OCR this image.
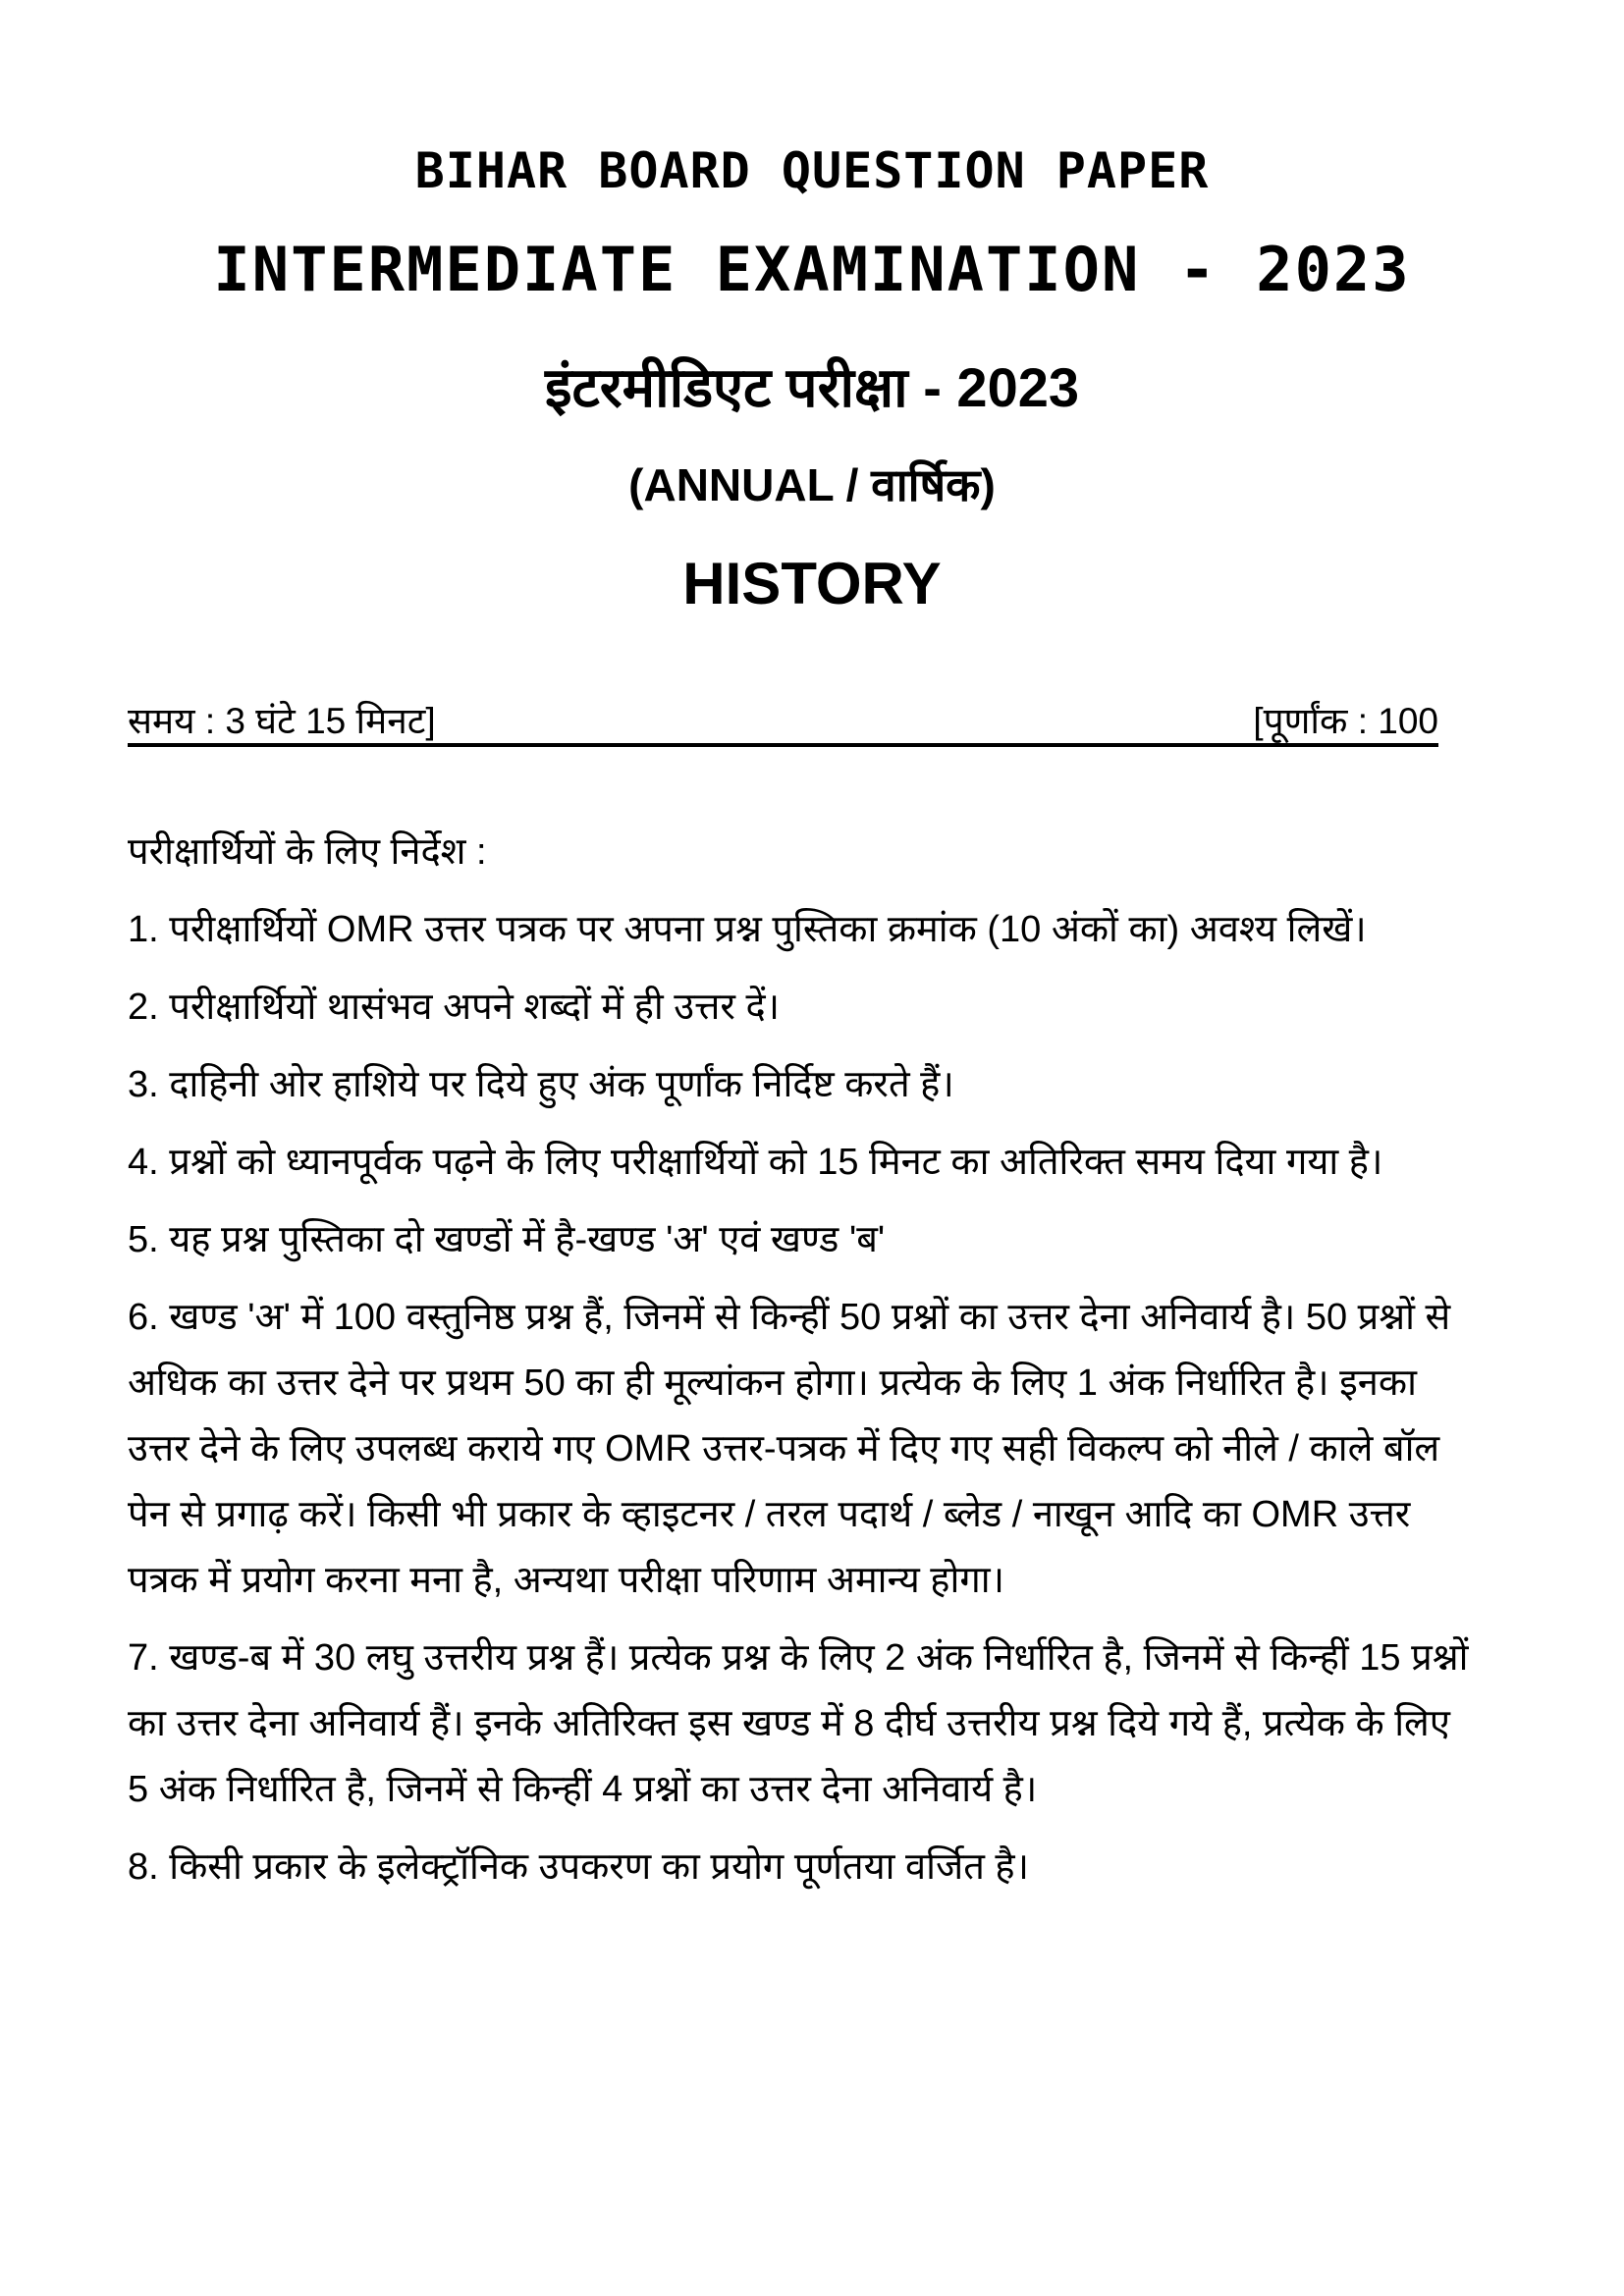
BIHAR BOARD QUESTION PAPER
INTERMEDIATE EXAMINATION - 2023
इंटरमीडिएट परीक्षा - 2023
(ANNUAL / वार्षिक)
HISTORY
समय : 3 घंटे 15 मिनट]	[पूर्णांक : 100
परीक्षार्थियों के लिए निर्देश :
1. परीक्षार्थियों OMR उत्तर पत्रक पर अपना प्रश्न पुस्तिका क्रमांक (10 अंकों का) अवश्य लिखें।
2. परीक्षार्थियों थासंभव अपने शब्दों में ही उत्तर दें।
3. दाहिनी ओर हाशिये पर दिये हुए अंक पूर्णांक निर्दिष्ट करते हैं।
4. प्रश्नों को ध्यानपूर्वक पढ़ने के लिए परीक्षार्थियों को 15 मिनट का अतिरिक्त समय दिया गया है।
5. यह प्रश्न पुस्तिका दो खण्डों में है-खण्ड 'अ' एवं खण्ड 'ब'
6. खण्ड 'अ' में 100 वस्तुनिष्ठ प्रश्न हैं, जिनमें से किन्हीं 50 प्रश्नों का उत्तर देना अनिवार्य है। 50 प्रश्नों से अधिक का उत्तर देने पर प्रथम 50 का ही मूल्यांकन होगा। प्रत्येक के लिए 1 अंक निर्धारित है। इनका उत्तर देने के लिए उपलब्ध कराये गए OMR उत्तर-पत्रक में दिए गए सही विकल्प को नीले / काले बॉल पेन से प्रगाढ़ करें। किसी भी प्रकार के व्हाइटनर / तरल पदार्थ / ब्लेड / नाखून आदि का OMR उत्तर पत्रक में प्रयोग करना मना है, अन्यथा परीक्षा परिणाम अमान्य होगा।
7. खण्ड-ब में 30 लघु उत्तरीय प्रश्न हैं। प्रत्येक प्रश्न के लिए 2 अंक निर्धारित है, जिनमें से किन्हीं 15 प्रश्नों का उत्तर देना अनिवार्य हैं। इनके अतिरिक्त इस खण्ड में 8 दीर्घ उत्तरीय प्रश्न दिये गये हैं, प्रत्येक के लिए 5 अंक निर्धारित है, जिनमें से किन्हीं 4 प्रश्नों का उत्तर देना अनिवार्य है।
8. किसी प्रकार के इलेक्ट्रॉनिक उपकरण का प्रयोग पूर्णतया वर्जित है।
